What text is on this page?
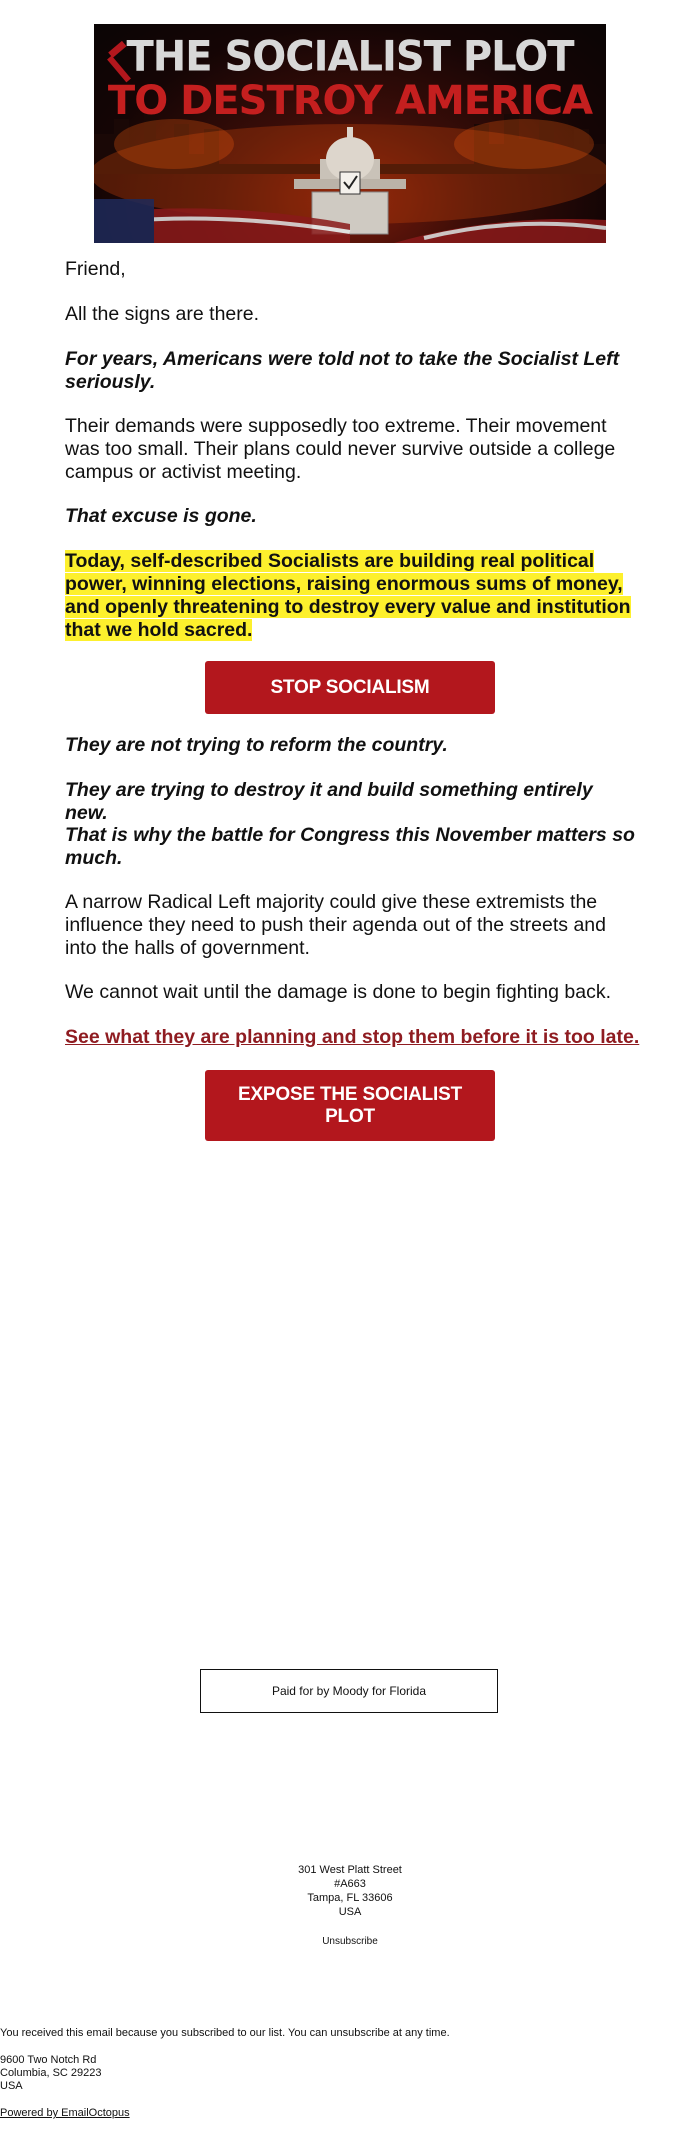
THE SOCIALIST PLOT
TO DESTROY AMERICA

Friend,

All the signs are there.

For years, Americans were told not to take the Socialist Left seriously.

Their demands were supposedly too extreme. Their movement was too small. Their plans could never survive outside a college campus or activist meeting.

That excuse is gone.

Today, self-described Socialists are building real political power, winning elections, raising enormous sums of money, and openly threatening to destroy every value and institution that we hold sacred.

STOP SOCIALISM

They are not trying to reform the country.

They are trying to destroy it and build something entirely new.

That is why the battle for Congress this November matters so much.

A narrow Radical Left majority could give these extremists the influence they need to push their agenda out of the streets and into the halls of government.

We cannot wait until the damage is done to begin fighting back.

See what they are planning and stop them before it is too late.

EXPOSE THE SOCIALIST PLOT
Paid for by Moody for Florida
301 West Platt Street
#A663
Tampa, FL 33606
USA
Unsubscribe
You received this email because you subscribed to our list. You can unsubscribe at any time.
9600 Two Notch Rd
Columbia, SC 29223
USA
Powered by EmailOctopus
